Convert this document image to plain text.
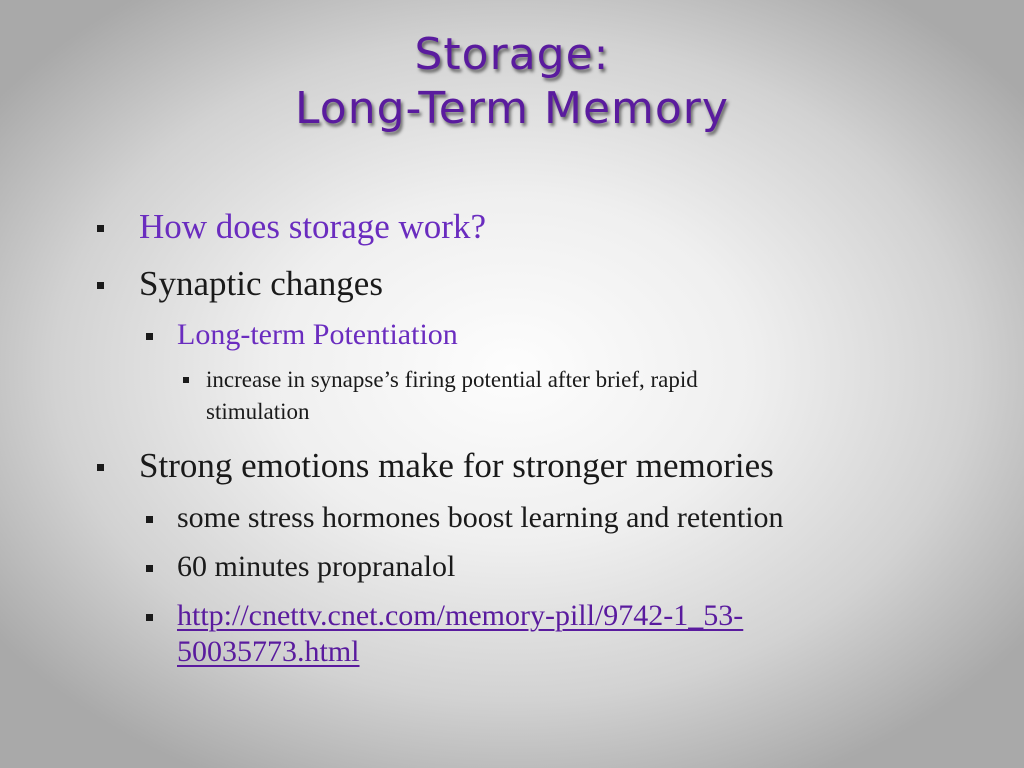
Storage:
Long-Term Memory
How does storage work?
Synaptic changes
Long-term Potentiation
increase in synapse’s firing potential after brief, rapid
stimulation
Strong emotions make for stronger memories
some stress hormones boost learning and retention
60 minutes propranalol
http://cnettv.cnet.com/memory-pill/9742-1_53-
50035773.html
